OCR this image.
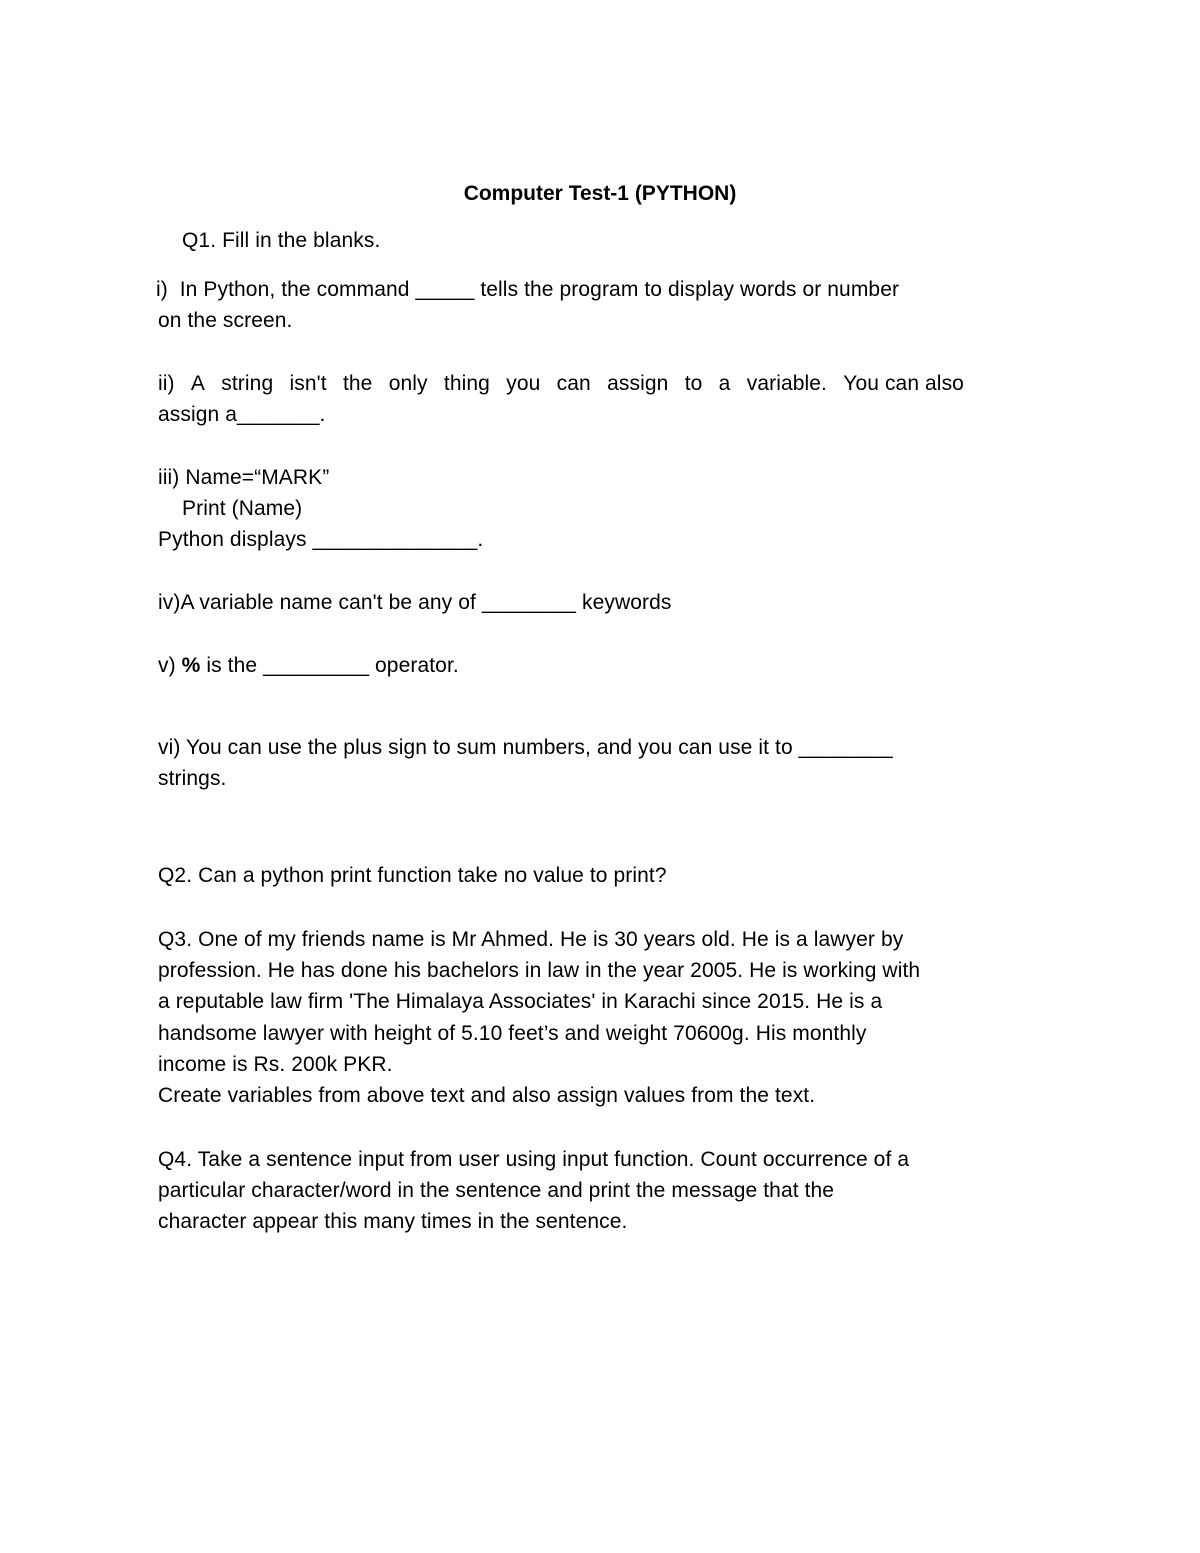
Computer Test-1 (PYTHON)
Q1. Fill in the blanks.
i)  In Python, the command _____ tells the program to display words or number
on the screen.
ii) A string isn't the only thing you can assign to a variable. You can also
assign a_______.
iii) Name=“MARK”
Print (Name)
Python displays ______________.
iv)A variable name can't be any of ________ keywords
v) % is the _________ operator.
vi) You can use the plus sign to sum numbers, and you can use it to ________
strings.
Q2. Can a python print function take no value to print?
Q3. One of my friends name is Mr Ahmed. He is 30 years old. He is a lawyer by
profession. He has done his bachelors in law in the year 2005. He is working with
a reputable law firm 'The Himalaya Associates' in Karachi since 2015. He is a
handsome lawyer with height of 5.10 feet’s and weight 70600g. His monthly
income is Rs. 200k PKR.
Create variables from above text and also assign values from the text.
Q4. Take a sentence input from user using input function. Count occurrence of a
particular character/word in the sentence and print the message that the
character appear this many times in the sentence.
